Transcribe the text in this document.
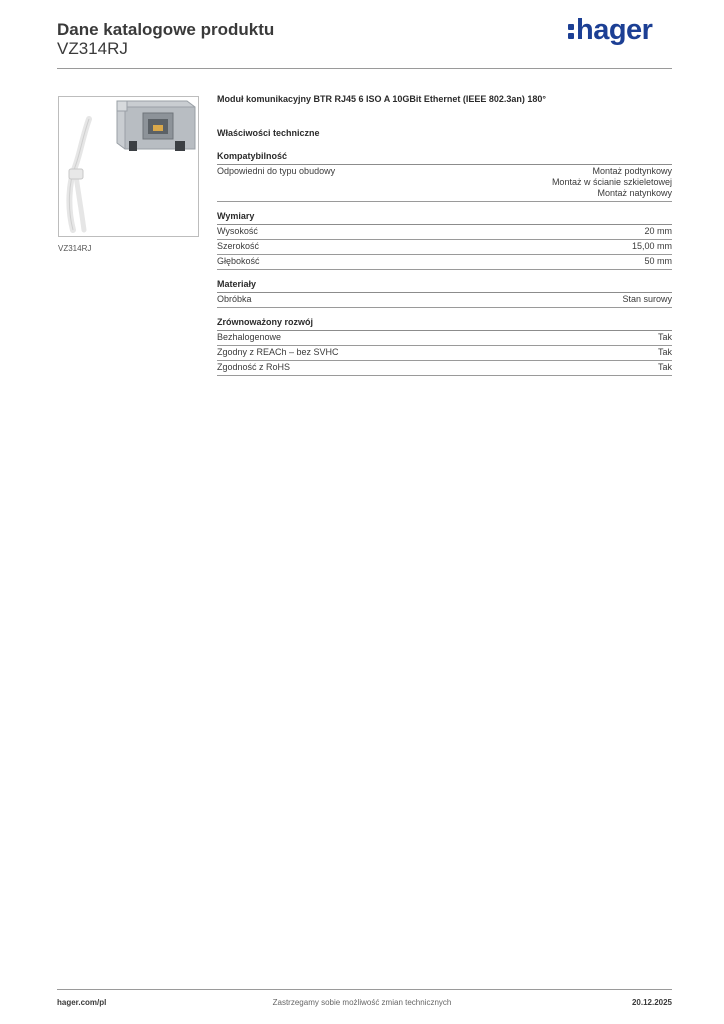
Dane katalogowe produktu
VZ314RJ
hager
VZ314RJ
Moduł komunikacyjny BTR RJ45 6 ISO A 10GBit Ethernet (IEEE 802.3an) 180°
Właściwości techniczne
Kompatybilność
Odpowiedni do typu obudowy	Montaż podtynkowy
Montaż w ścianie szkieletowej
Montaż natynkowy
Wymiary
Wysokość	20 mm
Szerokość	15,00 mm
Głębokość	50 mm
Materiały
Obróbka	Stan surowy
Zrównoważony rozwój
Bezhalogenowe	Tak
Zgodny z REACh – bez SVHC	Tak
Zgodność z RoHS	Tak
Zastrzegamy sobie możliwość zmian technicznych
hager.com/pl	20.12.2025
